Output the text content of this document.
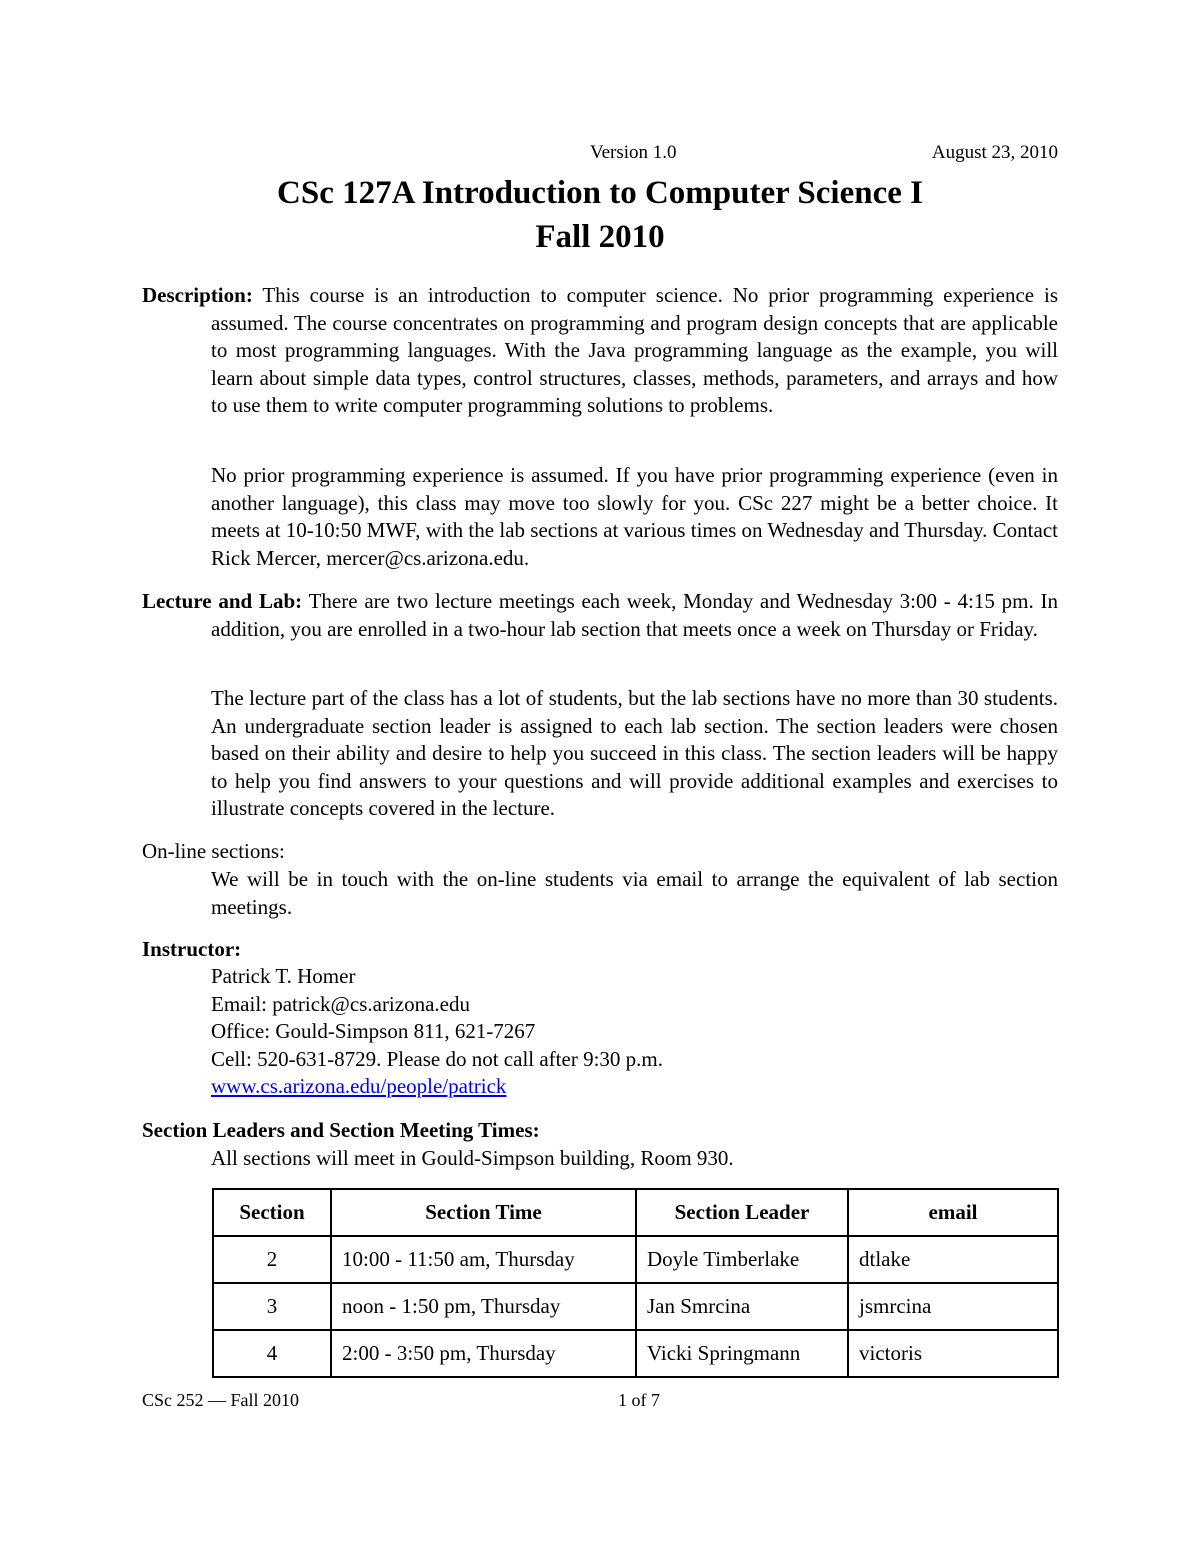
Version 1.0	August 23, 2010
CSc 127A Introduction to Computer Science I
Fall 2010

Description: This course is an introduction to computer science. No prior programming experience is assumed. The course concentrates on programming and program design concepts that are applicable to most programming languages. With the Java programming language as the example, you will learn about simple data types, control structures, classes, methods, parameters, and arrays and how to use them to write computer programming solutions to problems.

No prior programming experience is assumed. If you have prior programming experience (even in another language), this class may move too slowly for you. CSc 227 might be a better choice. It meets at 10-10:50 MWF, with the lab sections at various times on Wednesday and Thursday. Contact Rick Mercer, mercer@cs.arizona.edu.

Lecture and Lab: There are two lecture meetings each week, Monday and Wednesday 3:00 - 4:15 pm. In addition, you are enrolled in a two-hour lab section that meets once a week on Thursday or Friday.

The lecture part of the class has a lot of students, but the lab sections have no more than 30 students. An undergraduate section leader is assigned to each lab section. The section leaders were chosen based on their ability and desire to help you succeed in this class. The section leaders will be happy to help you find answers to your questions and will provide additional examples and exercises to illustrate concepts covered in the lecture.

On-line sections:

We will be in touch with the on-line students via email to arrange the equivalent of lab section meetings.

Instructor:
Patrick T. Homer
Email: patrick@cs.arizona.edu
Office: Gould-Simpson 811, 621-7267
Cell: 520-631-8729. Please do not call after 9:30 p.m.
www.cs.arizona.edu/people/patrick
Section Leaders and Section Meeting Times:
All sections will meet in Gould-Simpson building, Room 930.
Section	Section Time	Section Leader	email
2	10:00 - 11:50 am, Thursday	Doyle Timberlake	dtlake
3	noon - 1:50 pm, Thursday	Jan Smrcina	jsmrcina
4	2:00 - 3:50 pm, Thursday	Vicki Springmann	victoris
CSc 252 — Fall 2010	1 of 7
